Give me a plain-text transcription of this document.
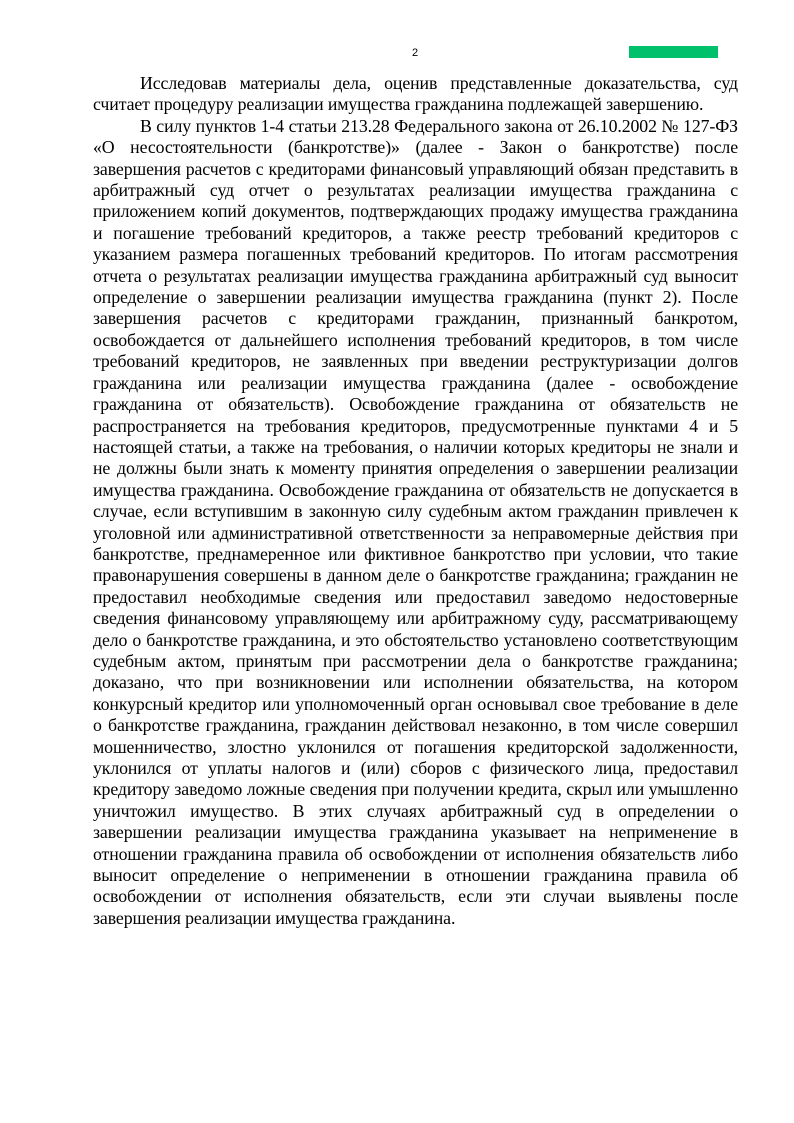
2

Исследовав материалы дела, оценив представленные доказательства, суд считает процедуру реализации имущества гражданина подлежащей завершению.

В силу пунктов 1-4 статьи 213.28 Федерального закона от 26.10.2002 № 127-ФЗ «О несостоятельности (банкротстве)» (далее - Закон о банкротстве) после завершения расчетов с кредиторами финансовый управляющий обязан представить в арбитражный суд отчет о результатах реализации имущества гражданина с приложением копий документов, подтверждающих продажу имущества гражданина и погашение требований кредиторов, а также реестр требований кредиторов с указанием размера погашенных требований кредиторов. По итогам рассмотрения отчета о результатах реализации имущества гражданина арбитражный суд выносит определение о завершении реализации имущества гражданина (пункт 2). После завершения расчетов с кредиторами гражданин, признанный банкротом, освобождается от дальнейшего исполнения требований кредиторов, в том числе требований кредиторов, не заявленных при введении реструктуризации долгов гражданина или реализации имущества гражданина (далее - освобождение гражданина от обязательств). Освобождение гражданина от обязательств не распространяется на требования кредиторов, предусмотренные пунктами 4 и 5 настоящей статьи, а также на требования, о наличии которых кредиторы не знали и не должны были знать к моменту принятия определения о завершении реализации имущества гражданина. Освобождение гражданина от обязательств не допускается в случае, если вступившим в законную силу судебным актом гражданин привлечен к уголовной или административной ответственности за неправомерные действия при банкротстве, преднамеренное или фиктивное банкротство при условии, что такие правонарушения совершены в данном деле о банкротстве гражданина; гражданин не предоставил необходимые сведения или предоставил заведомо недостоверные сведения финансовому управляющему или арбитражному суду, рассматривающему дело о банкротстве гражданина, и это обстоятельство установлено соответствующим судебным актом, принятым при рассмотрении дела о банкротстве гражданина; доказано, что при возникновении или исполнении обязательства, на котором конкурсный кредитор или уполномоченный орган основывал свое требование в деле о банкротстве гражданина, гражданин действовал незаконно, в том числе совершил мошенничество, злостно уклонился от погашения кредиторской задолженности, уклонился от уплаты налогов и (или) сборов с физического лица, предоставил кредитору заведомо ложные сведения при получении кредита, скрыл или умышленно уничтожил имущество. В этих случаях арбитражный суд в определении о завершении реализации имущества гражданина указывает на неприменение в отношении гражданина правила об освобождении от исполнения обязательств либо выносит определение о неприменении в отношении гражданина правила об освобождении от исполнения обязательств, если эти случаи выявлены после завершения реализации имущества гражданина.
